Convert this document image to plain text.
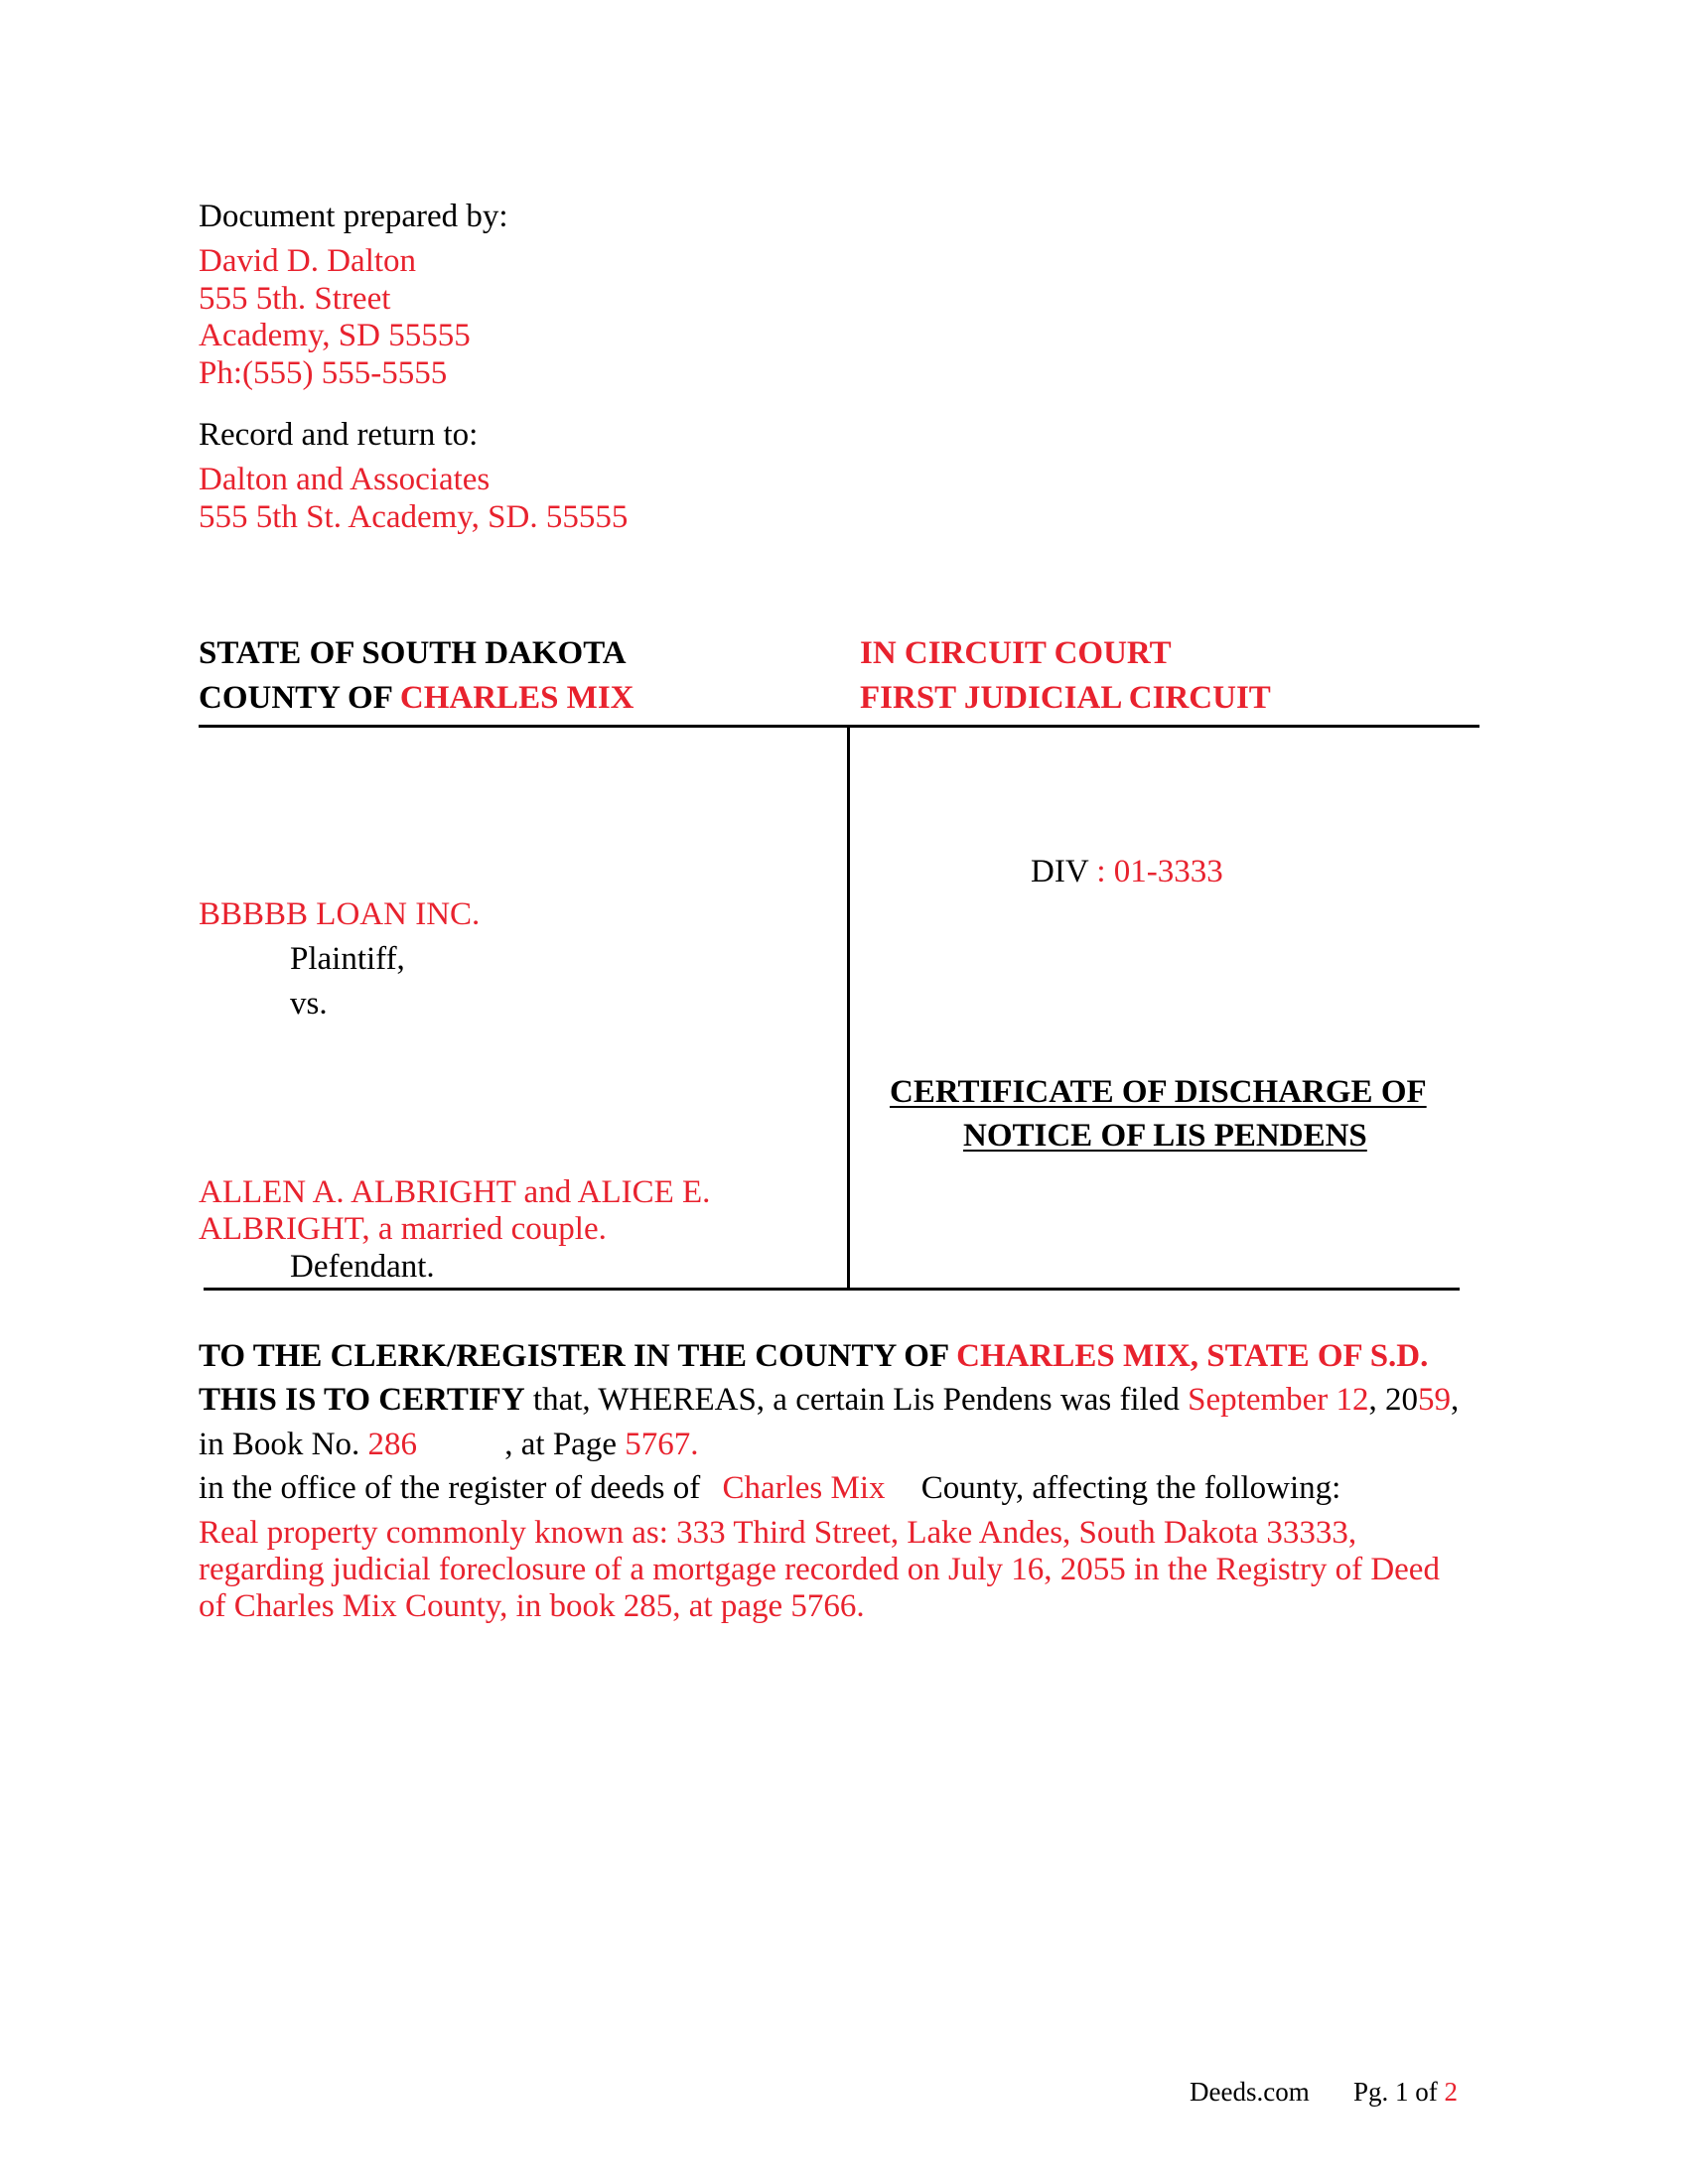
Document prepared by:
David D. Dalton
555 5th. Street
Academy, SD 55555
Ph:(555) 555-5555
Record and return to:
Dalton and Associates
555 5th St. Academy, SD. 55555
STATE OF SOUTH DAKOTA
COUNTY OF CHARLES MIX
IN CIRCUIT COURT
FIRST JUDICIAL CIRCUIT
DIV : 01-3333
BBBBB LOAN INC.
Plaintiff,
vs.
CERTIFICATE OF DISCHARGE OF
NOTICE OF LIS PENDENS
ALLEN A. ALBRIGHT and ALICE E.
ALBRIGHT, a married couple.
Defendant.
TO THE CLERK/REGISTER IN THE COUNTY OF CHARLES MIX, STATE OF S.D.
THIS IS TO CERTIFY that, WHEREAS, a certain Lis Pendens was filed September 12, 2059,
in Book No. 286	, at Page 5767.
in the office of the register of deeds of Charles Mix County, affecting the following:
Real property commonly known as: 333 Third Street, Lake Andes, South Dakota 33333,
regarding judicial foreclosure of a mortgage recorded on July 16, 2055 in the Registry of Deed
of Charles Mix County, in book 285, at page 5766.
Deeds.com Pg. 1 of 2
